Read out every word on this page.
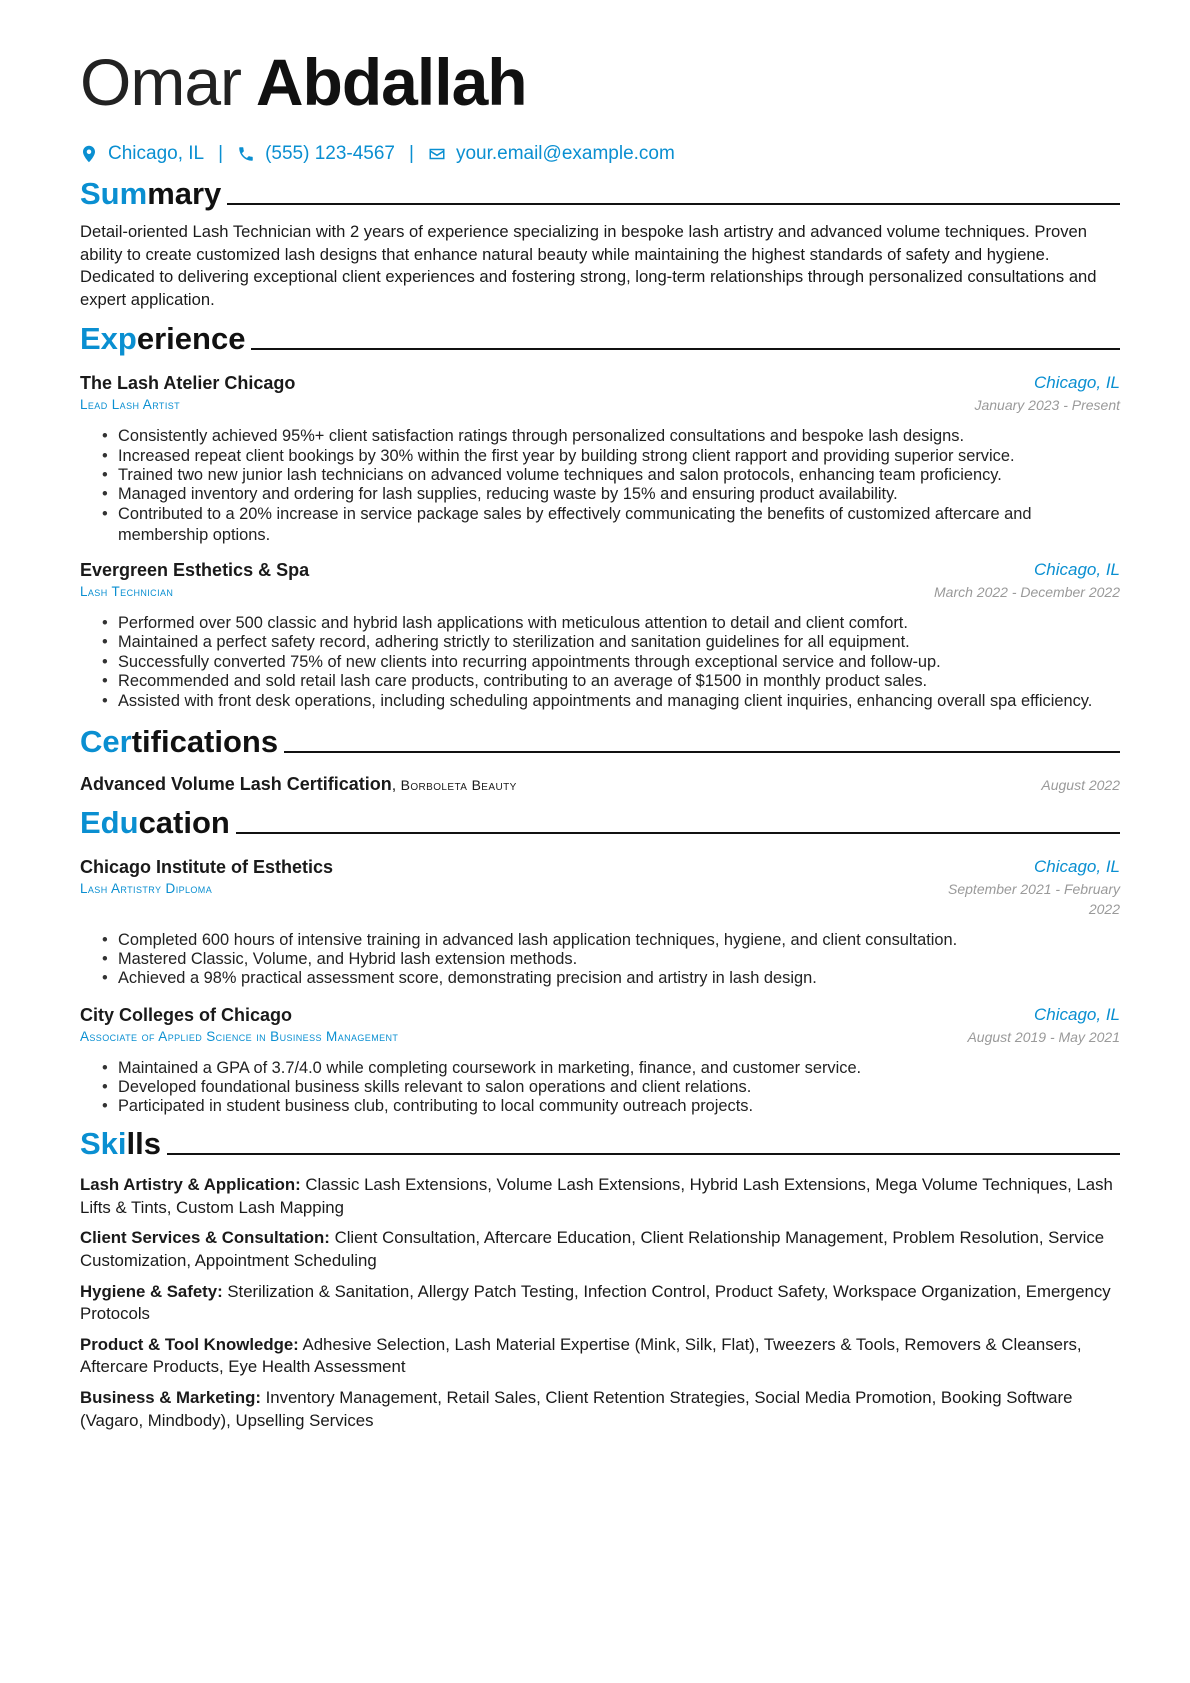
Omar Abdallah
Chicago, IL | (555) 123-4567 | your.email@example.com
Summary

Detail-oriented Lash Technician with 2 years of experience specializing in bespoke lash artistry and advanced volume techniques. Proven ability to create customized lash designs that enhance natural beauty while maintaining the highest standards of safety and hygiene. Dedicated to delivering exceptional client experiences and fostering strong, long-term relationships through personalized consultations and expert application.

Experience
The Lash Atelier Chicago	Chicago, IL
Lead Lash Artist	January 2023 - Present
• Consistently achieved 95%+ client satisfaction ratings through personalized consultations and bespoke lash designs.
• Increased repeat client bookings by 30% within the first year by building strong client rapport and providing superior service.
• Trained two new junior lash technicians on advanced volume techniques and salon protocols, enhancing team proficiency.
• Managed inventory and ordering for lash supplies, reducing waste by 15% and ensuring product availability.
• Contributed to a 20% increase in service package sales by effectively communicating the benefits of customized aftercare and membership options.
Evergreen Esthetics & Spa	Chicago, IL
Lash Technician	March 2022 - December 2022
• Performed over 500 classic and hybrid lash applications with meticulous attention to detail and client comfort.
• Maintained a perfect safety record, adhering strictly to sterilization and sanitation guidelines for all equipment.
• Successfully converted 75% of new clients into recurring appointments through exceptional service and follow-up.
• Recommended and sold retail lash care products, contributing to an average of $1500 in monthly product sales.
• Assisted with front desk operations, including scheduling appointments and managing client inquiries, enhancing overall spa efficiency.
Certifications
Advanced Volume Lash Certification, Borboleta Beauty	August 2022
Education
Chicago Institute of Esthetics	Chicago, IL
Lash Artistry Diploma	September 2021 - February
2022
• Completed 600 hours of intensive training in advanced lash application techniques, hygiene, and client consultation.
• Mastered Classic, Volume, and Hybrid lash extension methods.
• Achieved a 98% practical assessment score, demonstrating precision and artistry in lash design.
City Colleges of Chicago	Chicago, IL
Associate of Applied Science in Business Management	August 2019 - May 2021
• Maintained a GPA of 3.7/4.0 while completing coursework in marketing, finance, and customer service.
• Developed foundational business skills relevant to salon operations and client relations.
• Participated in student business club, contributing to local community outreach projects.
Skills

Lash Artistry & Application: Classic Lash Extensions, Volume Lash Extensions, Hybrid Lash Extensions, Mega Volume Techniques, Lash Lifts & Tints, Custom Lash Mapping

Client Services & Consultation: Client Consultation, Aftercare Education, Client Relationship Management, Problem Resolution, Service Customization, Appointment Scheduling

Hygiene & Safety: Sterilization & Sanitation, Allergy Patch Testing, Infection Control, Product Safety, Workspace Organization, Emergency Protocols

Product & Tool Knowledge: Adhesive Selection, Lash Material Expertise (Mink, Silk, Flat), Tweezers & Tools, Removers & Cleansers, Aftercare Products, Eye Health Assessment

Business & Marketing: Inventory Management, Retail Sales, Client Retention Strategies, Social Media Promotion, Booking Software (Vagaro, Mindbody), Upselling Services
